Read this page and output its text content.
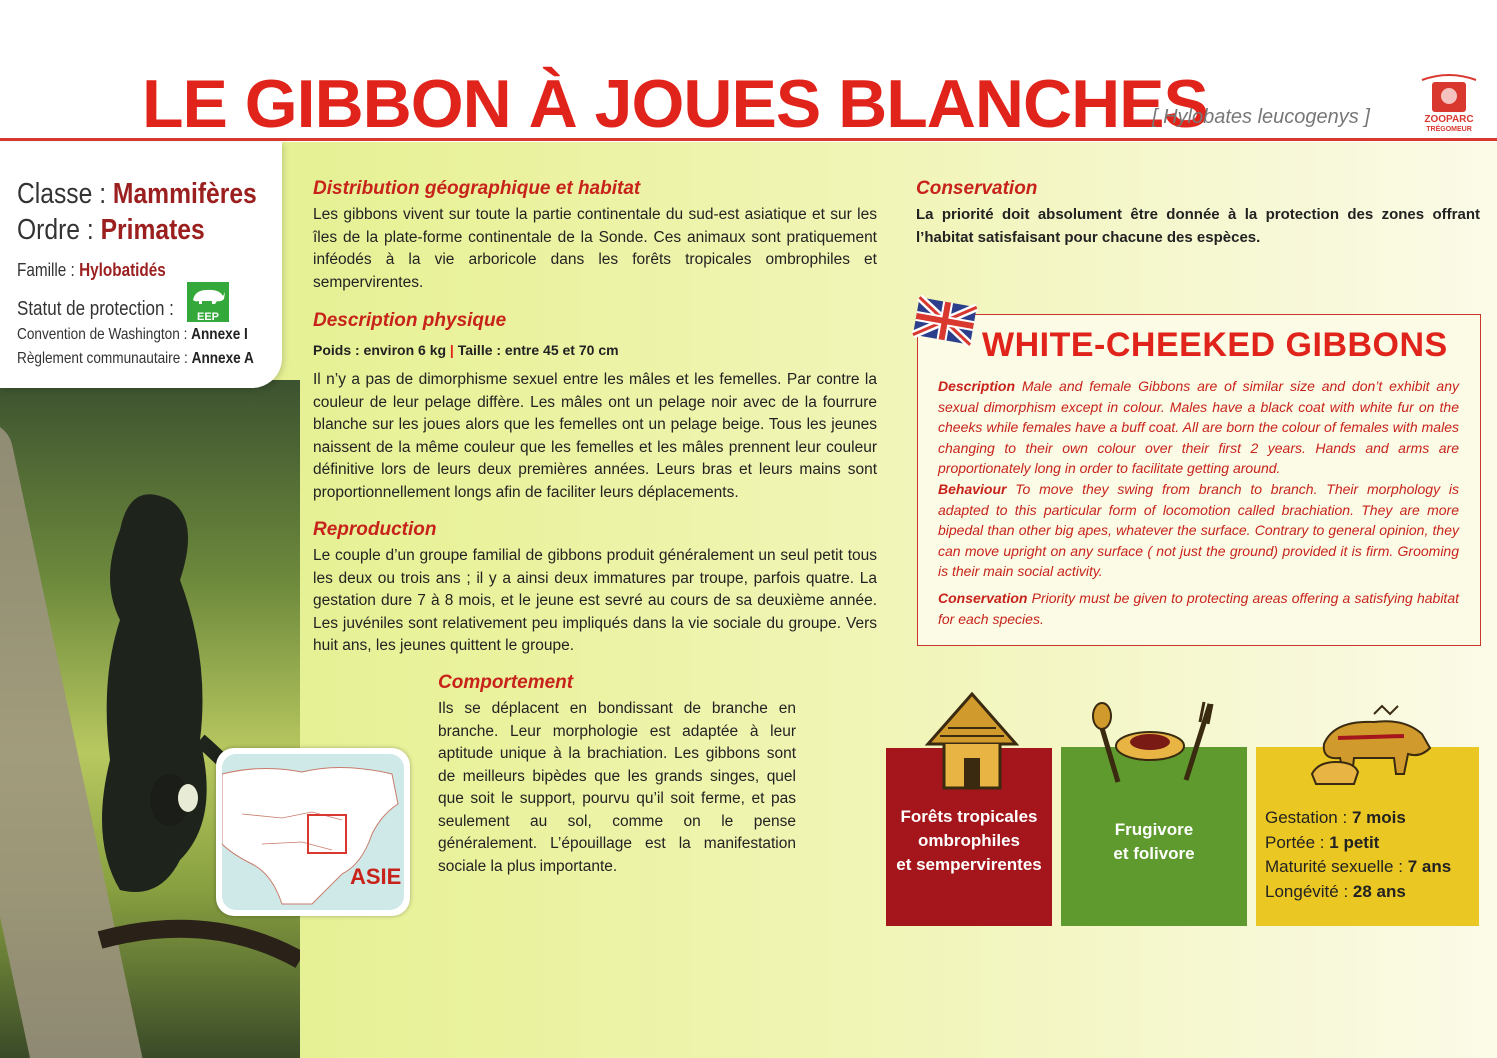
LE GIBBON À JOUES BLANCHES
[ Hylobates leucogenys ]	ZOOPARC
TRÉGOMEUR
Classe : Mammifères
Ordre : Primates
Famille : Hylobatidés
Statut de protection :	EEP
Convention de Washington : Annexe I
Règlement communautaire : Annexe A
ASIE
Distribution géographique et habitat
Les gibbons vivent sur toute la partie continentale du sud-est asiatique et sur les îles de la plate-forme continentale de la Sonde. Ces animaux sont pratiquement inféodés à la vie arboricole dans les forêts tropicales ombrophiles et sempervirentes.
Description physique
Poids : environ 6 kg | Taille : entre 45 et 70 cm
Il n’y a pas de dimorphisme sexuel entre les mâles et les femelles. Par contre la couleur de leur pelage diffère. Les mâles ont un pelage noir avec de la fourrure blanche sur les joues alors que les femelles ont un pelage beige. Tous les jeunes naissent de la même couleur que les femelles et les mâles prennent leur couleur définitive lors de leurs deux premières années. Leurs bras et leurs mains sont proportionnellement longs afin de faciliter leurs déplacements.
Reproduction
Le couple d’un groupe familial de gibbons produit généralement un seul petit tous les deux ou trois ans ; il y a ainsi deux immatures par troupe, parfois quatre. La gestation dure 7 à 8 mois, et le jeune est sevré au cours de sa deuxième année. Les juvéniles sont relativement peu impliqués dans la vie sociale du groupe. Vers huit ans, les jeunes quittent le groupe.
Comportement
Ils se déplacent en bondissant de branche en branche. Leur morphologie est adaptée à leur aptitude unique à la brachiation. Les gibbons sont de meilleurs bipèdes que les grands singes, quel que soit le support, pourvu qu’il soit ferme, et pas seulement au sol, comme on le pense généralement. L’épouillage est la manifestation sociale la plus importante.
Conservation
La priorité doit absolument être donnée à la protection des zones offrant l’habitat satisfaisant pour chacune des espèces.
WHITE-CHEEKED GIBBONS
Description Male and female Gibbons are of similar size and don’t exhibit any sexual dimorphism except in colour. Males have a black coat with white fur on the cheeks while females have a buff coat. All are born the colour of females with males changing to their own colour over their first 2 years. Hands and arms are proportionately long in order to facilitate getting around.
Behaviour To move they swing from branch to branch. Their morphology is adapted to this particular form of locomotion called brachiation. They are more bipedal than other big apes, whatever the surface. Contrary to general opinion, they can move upright on any surface ( not just the ground) provided it is firm. Grooming is their main social activity.
Conservation Priority must be given to protecting areas offering a satisfying habitat for each species.
Forêts tropicales
ombrophiles
et sempervirentes
Frugivore
et folivore
Gestation : 7 mois
Portée : 1 petit
Maturité sexuelle : 7 ans
Longévité : 28 ans
